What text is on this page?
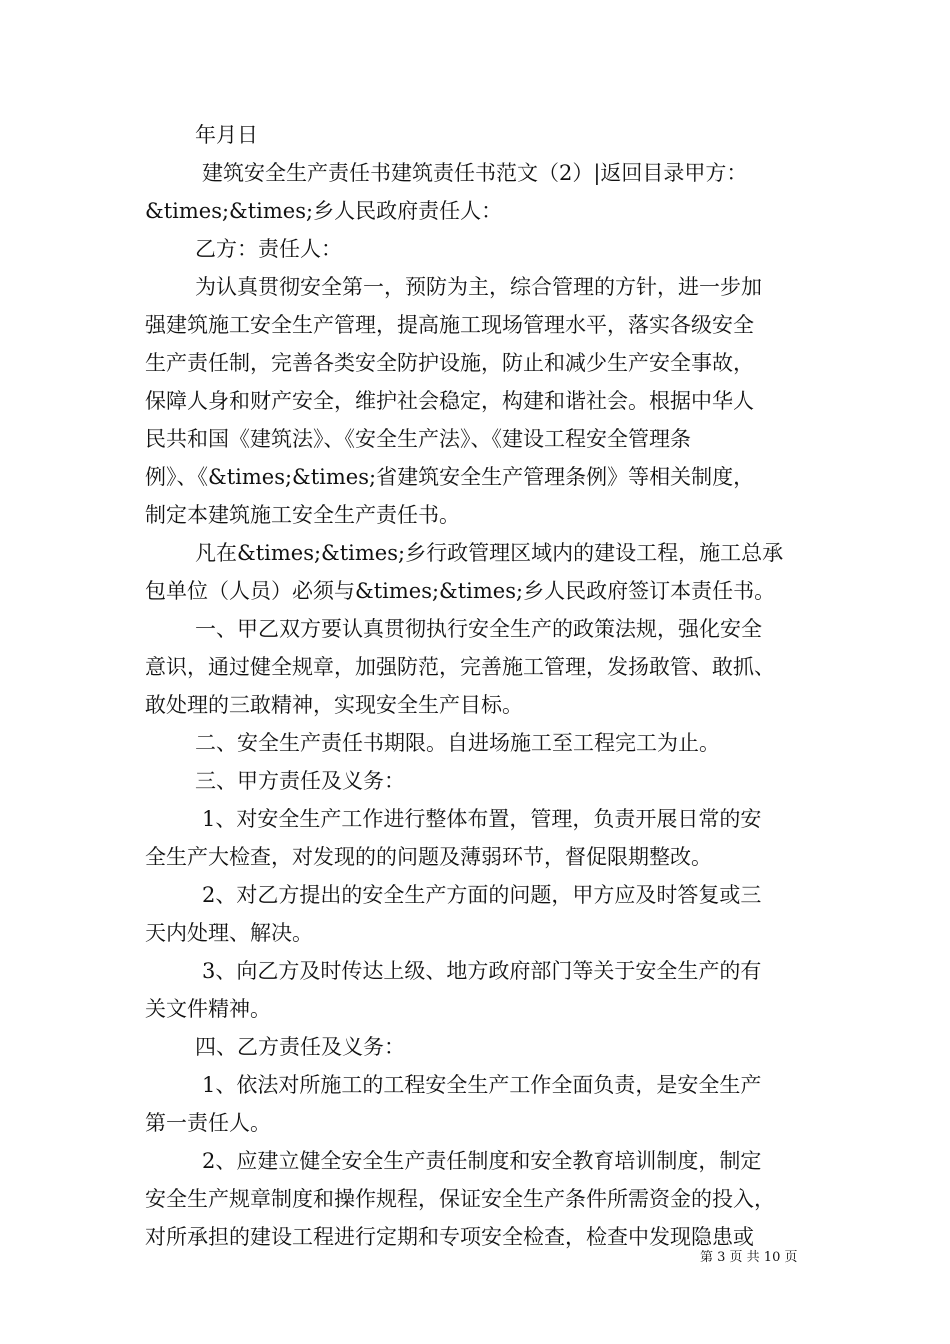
年月日
建筑安全生产责任书建筑责任书范文（2）|返回目录甲方：
&times;&times;乡人民政府责任人：
乙方：责任人：
为认真贯彻安全第一，预防为主，综合管理的方针，进一步加
强建筑施工安全生产管理，提高施工现场管理水平，落实各级安全
生产责任制，完善各类安全防护设施，防止和减少生产安全事故，
保障人身和财产安全，维护社会稳定，构建和谐社会。根据中华人
民共和国《建筑法》、《安全生产法》、《建设工程安全管理条
例》、《&times;&times;省建筑安全生产管理条例》等相关制度，
制定本建筑施工安全生产责任书。
凡在&times;&times;乡行政管理区域内的建设工程，施工总承
包单位（人员）必须与&times;&times;乡人民政府签订本责任书。
一、甲乙双方要认真贯彻执行安全生产的政策法规，强化安全
意识，通过健全规章，加强防范，完善施工管理，发扬敢管、敢抓、
敢处理的三敢精神，实现安全生产目标。
二、安全生产责任书期限。自进场施工至工程完工为止。
三、甲方责任及义务：
1、对安全生产工作进行整体布置，管理，负责开展日常的安
全生产大检查，对发现的的问题及薄弱环节，督促限期整改。
2、对乙方提出的安全生产方面的问题，甲方应及时答复或三
天内处理、解决。
3、向乙方及时传达上级、地方政府部门等关于安全生产的有
关文件精神。
四、乙方责任及义务：
1、依法对所施工的工程安全生产工作全面负责，是安全生产
第一责任人。
2、应建立健全安全生产责任制度和安全教育培训制度，制定
安全生产规章制度和操作规程，保证安全生产条件所需资金的投入，
对所承担的建设工程进行定期和专项安全检查，检查中发现隐患或
第 3 页 共 10 页
